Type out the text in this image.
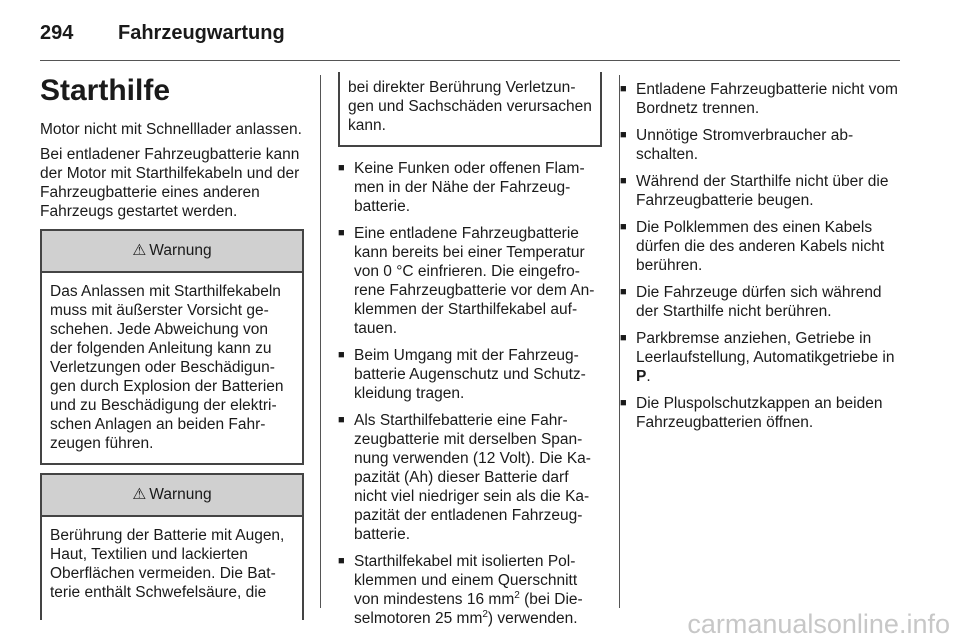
294 Fahrzeugwartung
Starthilfe

Motor nicht mit Schnelllader anlassen.

Bei entladener Fahrzeugbatterie kann der Motor mit Starthilfekabeln und der Fahrzeugbatterie eines anderen Fahrzeugs gestartet werden.

⚠ Warnung
Das Anlassen mit Starthilfekabeln muss mit äußerster Vorsicht geschehen. Jede Abweichung von der folgenden Anleitung kann zu Verletzungen oder Beschädigungen durch Explosion der Batterien und zu Beschädigung der elektrischen Anlagen an beiden Fahrzeugen führen.
⚠ Warnung
Berührung der Batterie mit Augen, Haut, Textilien und lackierten Oberflächen vermeiden. Die Batterie enthält Schwefelsäure, die
bei direkter Berührung Verletzungen und Sachschäden verursachen kann.
■ Keine Funken oder offenen Flammen in der Nähe der Fahrzeugbatterie.
■ Eine entladene Fahrzeugbatterie kann bereits bei einer Temperatur von 0 °C einfrieren. Die eingefrorene Fahrzeugbatterie vor dem Anklemmen der Starthilfekabel auftauen.
■ Beim Umgang mit der Fahrzeugbatterie Augenschutz und Schutzkleidung tragen.
■ Als Starthilfebatterie eine Fahrzeugbatterie mit derselben Spannung verwenden (12 Volt). Die Kapazität (Ah) dieser Batterie darf nicht viel niedriger sein als die Kapazität der entladenen Fahrzeugbatterie.
■ Starthilfekabel mit isolierten Polklemmen und einem Querschnitt von mindestens 16 $mm^2$ (bei Dieselmotoren 25 $mm^2$) verwenden.
■ Entladene Fahrzeugbatterie nicht vom Bordnetz trennen.
■ Unnötige Stromverbraucher abschalten.
■ Während der Starthilfe nicht über die Fahrzeugbatterie beugen.
■ Die Polklemmen des einen Kabels dürfen die des anderen Kabels nicht berühren.
■ Die Fahrzeuge dürfen sich während der Starthilfe nicht berühren.
■ Parkbremse anziehen, Getriebe in Leerlaufstellung, Automatikgetriebe in P.
■ Die Pluspolschutzkappen an beiden Fahrzeugbatterien öffnen.
carmanualsonline.info
